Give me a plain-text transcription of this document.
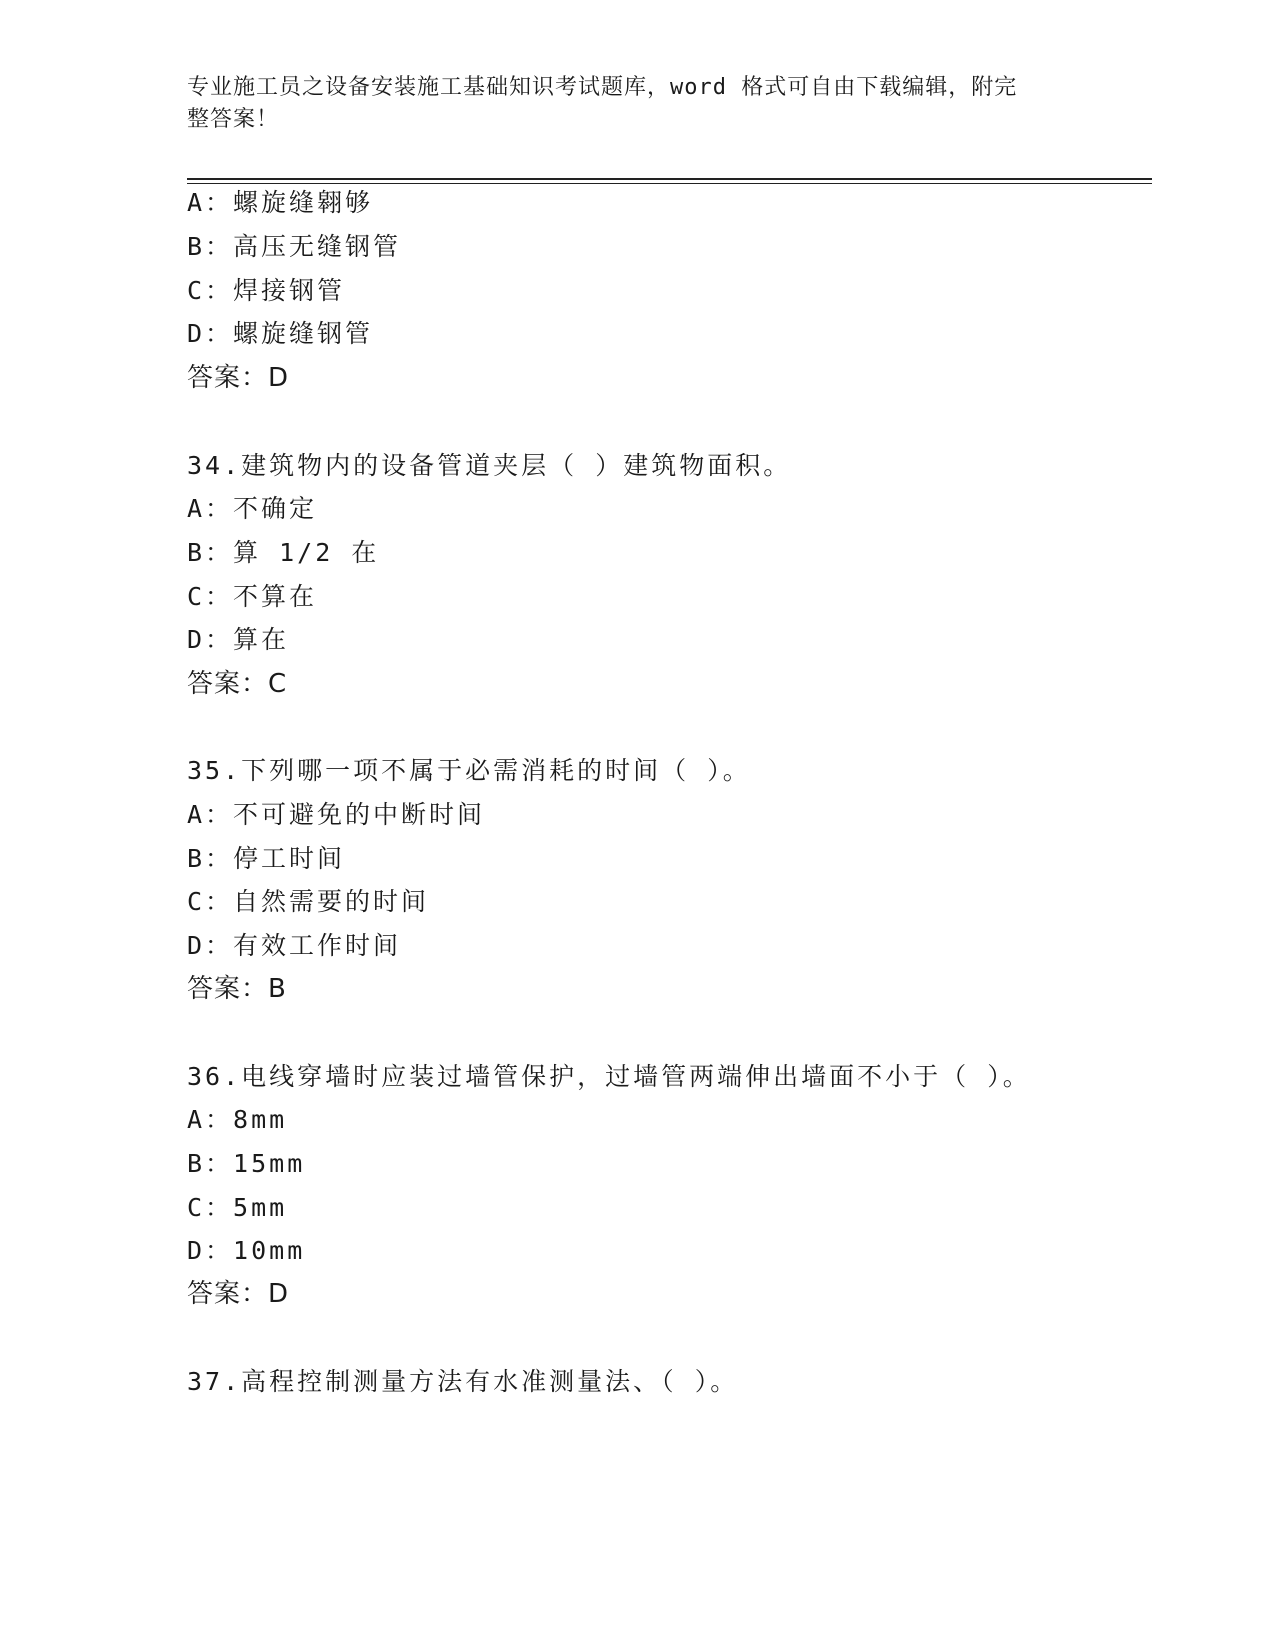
专业施工员之设备安装施工基础知识考试题库，word 格式可自由下载编辑，附完
整答案！
A：螺旋缝翱够
B：高压无缝钢管
C：焊接钢管
D：螺旋缝钢管
答案：D
34.建筑物内的设备管道夹层（ ）建筑物面积。
A：不确定
B：算 1/2 在
C：不算在
D：算在
答案：C
35.下列哪一项不属于必需消耗的时间（ ）。
A：不可避免的中断时间
B：停工时间
C：自然需要的时间
D：有效工作时间
答案：B
36.电线穿墙时应装过墙管保护，过墙管两端伸出墙面不小于（ ）。
A：8mm
B：15mm
C：5mm
D：10mm
答案：D
37.高程控制测量方法有水准测量法、（ ）。
